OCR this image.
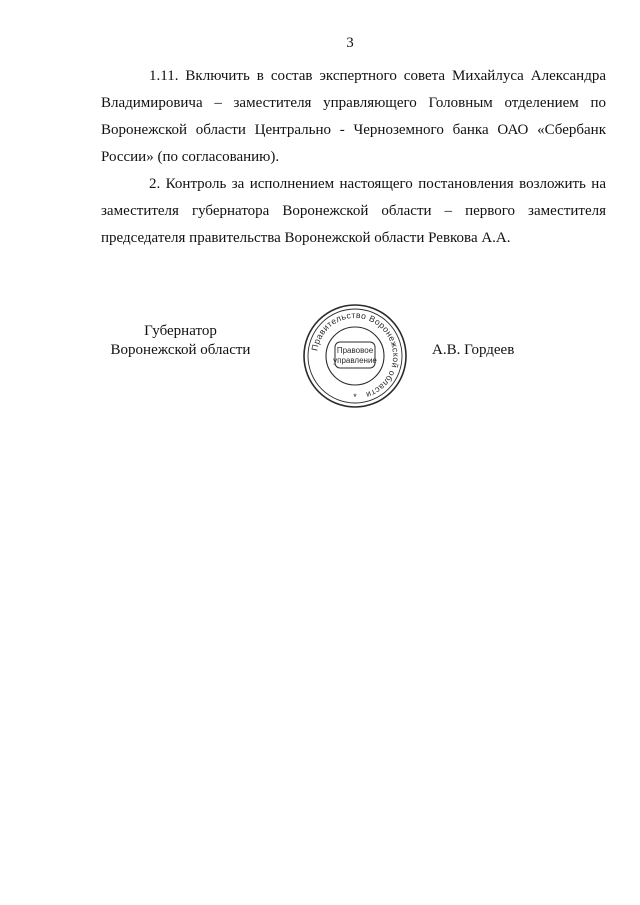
3

1.11. Включить в состав экспертного совета Михайлуса Александра Владимировича – заместителя управляющего Головным отделением по Воронежской области Центрально - Черноземного банка ОАО «Сбербанк России» (по согласованию).

2. Контроль за исполнением настоящего постановления возложить на заместителя губернатора Воронежской области – первого заместителя председателя правительства Воронежской области Ревкова А.А.

Губернатор
Воронежской области	Правительство Воронежской области
Правовое
управление
*
А.В. Гордеев
